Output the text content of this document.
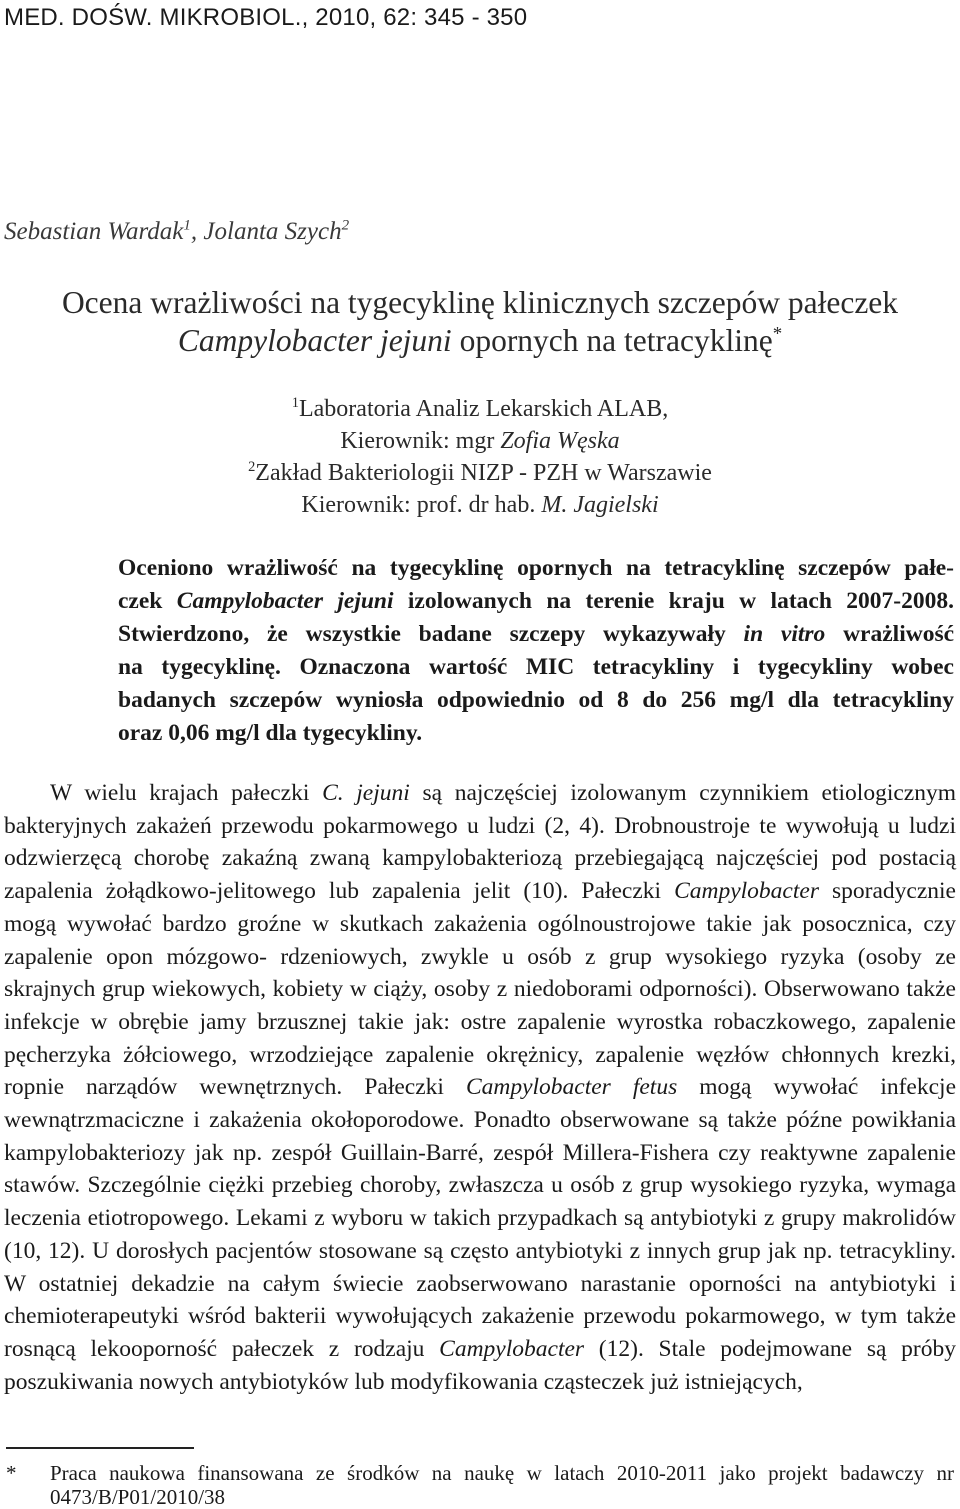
MED. DOŚW. MIKROBIOL., 2010, 62: 345 - 350
Sebastian Wardak$^1$, Jolanta Szych$^2$
Ocena wrażliwości na tygecyklinę klinicznych szczepów pałeczek
Campylobacter jejuni opornych na tetracyklinę*
$^1$Laboratoria Analiz Lekarskich ALAB,
Kierownik: mgr Zofia Węska
$^2$Zakład Bakteriologii NIZP - PZH w Warszawie
Kierownik: prof. dr hab. M. Jagielski
Oceniono wrażliwość na tygecyklinę opornych na tetracyklinę szczepów pałe-
czek Campylobacter jejuni izolowanych na terenie kraju w latach 2007-2008.
Stwierdzono, że wszystkie badane szczepy wykazywały in vitro wrażliwość
na tygecyklinę. Oznaczona wartość MIC tetracykliny i tygecykliny wobec
badanych szczepów wyniosła odpowiednio od 8 do 256 mg/l dla tetracykliny
oraz 0,06 mg/l dla tygecykliny.

W wielu krajach pałeczki C. jejuni są najczęściej izolowanym czynnikiem etiologicznym bakteryjnych zakażeń przewodu pokarmowego u ludzi (2, 4). Drobnoustroje te wywołują u ludzi odzwierzęcą chorobę zakaźną zwaną kampylobakteriozą przebiegającą najczęściej pod postacią zapalenia żołądkowo-jelitowego lub zapalenia jelit (10). Pałeczki Campylobacter sporadycznie mogą wywołać bardzo groźne w skutkach zakażenia ogólnoustrojowe takie jak posocznica, czy zapalenie opon mózgowo- rdzeniowych, zwykle u osób z grup wysokiego ryzyka (osoby ze skrajnych grup wiekowych, kobiety w ciąży, osoby z niedoborami odporności). Obserwowano także infekcje w obrębie jamy brzusznej takie jak: ostre zapalenie wyrostka robaczkowego, zapalenie pęcherzyka żółciowego, wrzodziejące zapalenie okrężnicy, zapalenie węzłów chłonnych krezki, ropnie narządów wewnętrznych. Pałeczki Campylobacter fetus mogą wywołać infekcje wewnątrzmaciczne i zakażenia okołoporodowe. Ponadto obserwowane są także późne powikłania kampylobakteriozy jak np. zespół Guillain-Barré, zespół Millera-Fishera czy reaktywne zapalenie stawów. Szczególnie ciężki przebieg choroby, zwłaszcza u osób z grup wysokiego ryzyka, wymaga leczenia etiotropowego. Lekami z wyboru w takich przypadkach są antybiotyki z grupy makrolidów (10, 12). U dorosłych pacjentów stosowane są często antybiotyki z innych grup jak np. tetracykliny. W ostatniej dekadzie na całym świecie zaobserwowano narastanie oporności na antybiotyki i chemioterapeutyki wśród bakterii wywołujących zakażenie przewodu pokarmowego, w tym także rosnącą lekooporność pałeczek z rodzaju Campylobacter (12). Stale podejmowane są próby poszukiwania nowych antybiotyków lub modyfikowania cząsteczek już istniejących,

* Praca naukowa finansowana ze środków na naukę w latach 2010-2011 jako projekt badawczy nr 0473/B/P01/2010/38
